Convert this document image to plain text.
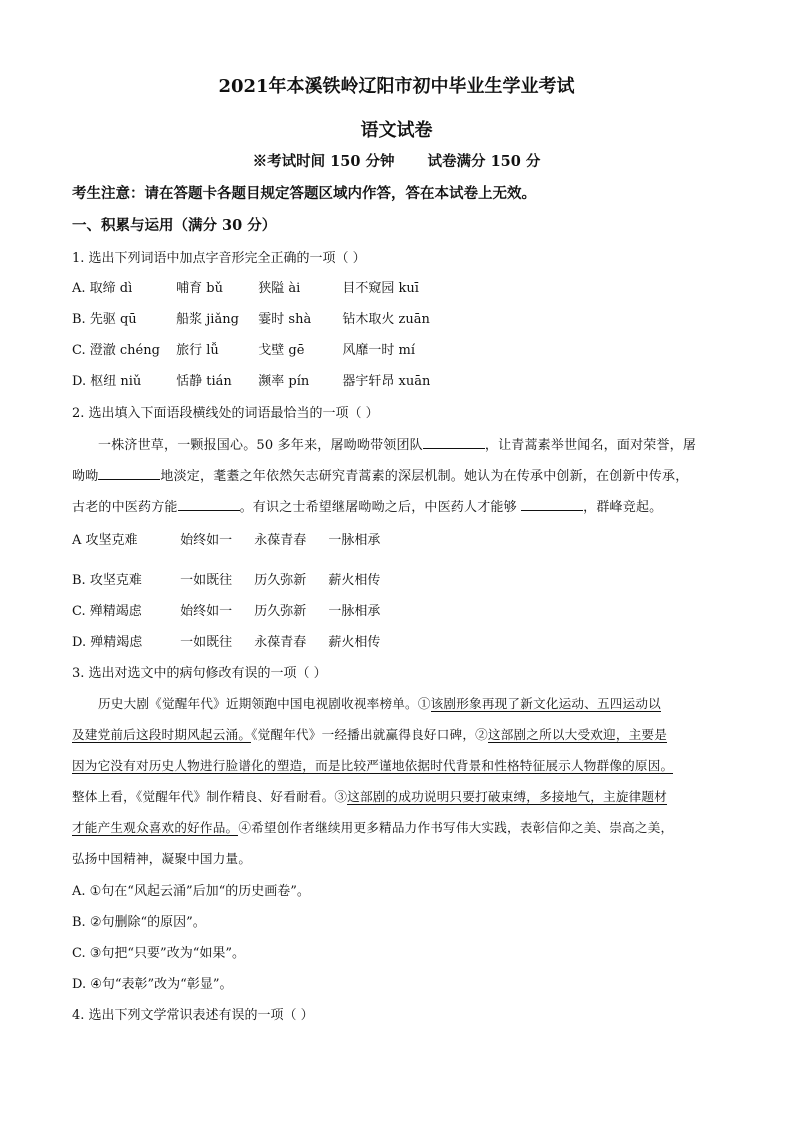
2021年本溪铁岭辽阳市初中毕业生学业考试
语文试卷
※考试时间 150 分钟 试卷满分 150 分
考生注意：请在答题卡各题目规定答题区域内作答，答在本试卷上无效。
一、积累与运用（满分 30 分）
1. 选出下列词语中加点字音形完全正确的一项（ ）
A. 取缔 dì	哺育 bǔ	狭隘 ài	目不窥园 kuī
B. 先驱 qū	船浆 jiǎng 霎时 shà 钻木取火 zuān
C. 澄澈 chéng 旅行 lǚ	戈壁 gē	风靡一时 mí
D. 枢纽 niǔ	恬静 tián 濒率 pín	器宇轩昂 xuān
2. 选出填入下面语段横线处的词语最恰当的一项（ ）
一株济世草，一颗报国心。50 多年来，屠呦呦带领团队	，让青蒿素举世闻名，面对荣誉，屠
呦呦	地淡定，耄耋之年依然矢志研究青蒿素的深层机制。她认为在传承中创新，在创新中传承，
古老的中医药方能	。有识之士希望继屠呦呦之后，中医药人才能够	，群峰竞起。
A 攻坚克难	始终如一 永葆青春 一脉相承
B. 攻坚克难	一如既往 历久弥新 薪火相传
C. 殚精竭虑	始终如一 历久弥新 一脉相承
D. 殚精竭虑	一如既往 永葆青春 薪火相传
3. 选出对选文中的病句修改有误的一项（ ）
历史大剧《觉醒年代》近期领跑中国电视剧收视率榜单。①该剧形象再现了新文化运动、五四运动以
及建党前后这段时期风起云涌。《觉醒年代》一经播出就赢得良好口碑，②这部剧之所以大受欢迎，主要是
因为它没有对历史人物进行脸谱化的塑造，而是比较严谨地依据时代背景和性格特征展示人物群像的原因。
整体上看，《觉醒年代》制作精良、好看耐看。③这部剧的成功说明只要打破束缚，多接地气，主旋律题材
才能产生观众喜欢的好作品。④希望创作者继续用更多精品力作书写伟大实践，表彰信仰之美、崇高之美，
弘扬中国精神，凝聚中国力量。
A. ①句在“风起云涌”后加“的历史画卷”。
B. ②句删除“的原因”。
C. ③句把“只要”改为“如果”。
D. ④句“表彰”改为“彰显”。
4. 选出下列文学常识表述有误的一项（ ）
